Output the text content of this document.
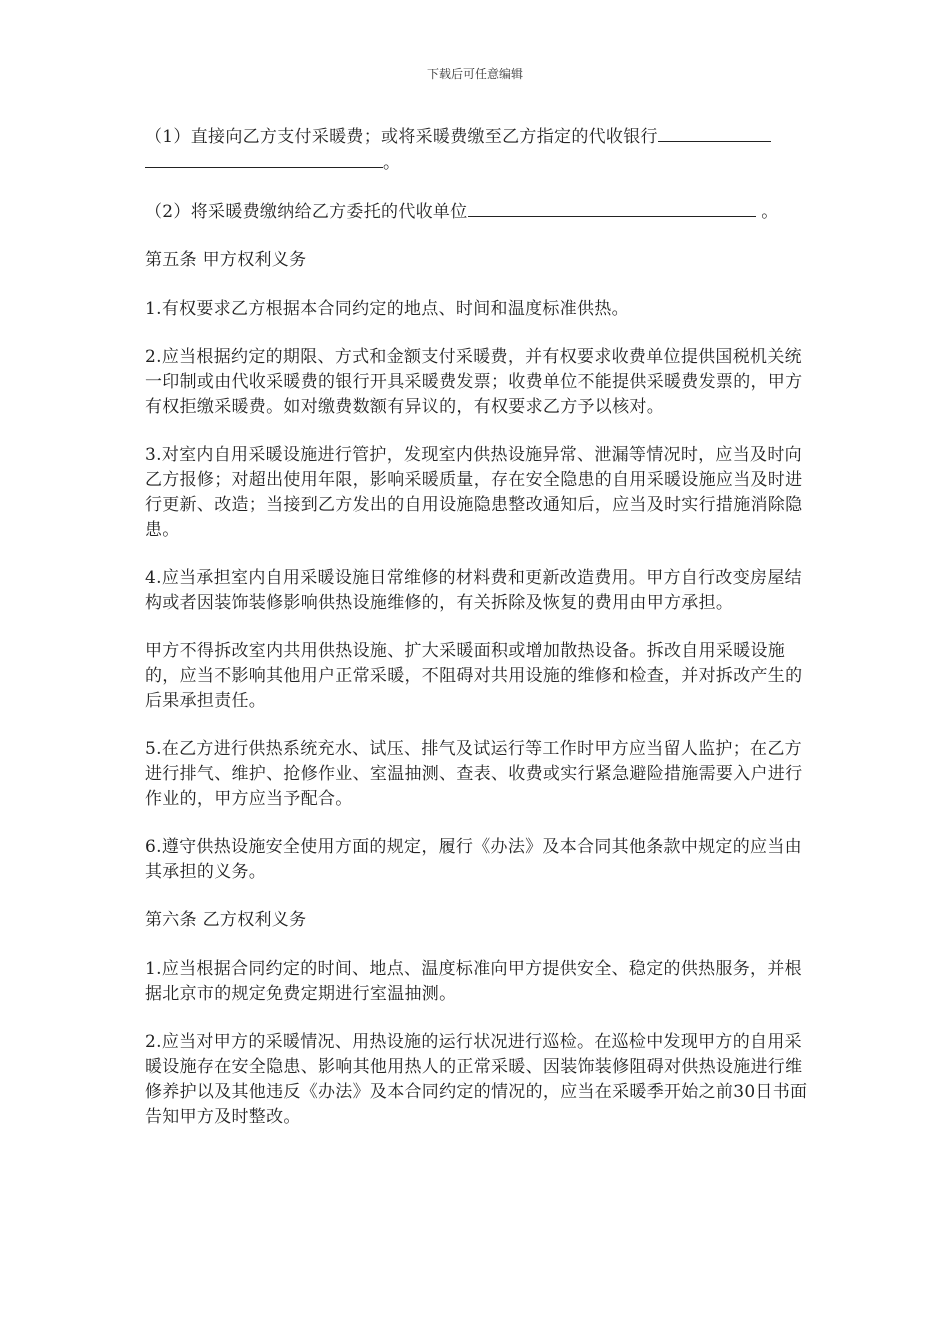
下载后可任意编辑

（1）直接向乙方支付采暖费；或将采暖费缴至乙方指定的代收银行
。

（2）将采暖费缴纳给乙方委托的代收单位	。

第五条 甲方权利义务

1.有权要求乙方根据本合同约定的地点、时间和温度标准供热。

2.应当根据约定的期限、方式和金额支付采暖费，并有权要求收费单位提供国税机关统一印制或由代收采暖费的银行开具采暖费发票；收费单位不能提供采暖费发票的，甲方有权拒缴采暖费。如对缴费数额有异议的，有权要求乙方予以核对。

3.对室内自用采暖设施进行管护，发现室内供热设施异常、泄漏等情况时，应当及时向乙方报修；对超出使用年限，影响采暖质量，存在安全隐患的自用采暖设施应当及时进行更新、改造；当接到乙方发出的自用设施隐患整改通知后，应当及时实行措施消除隐患。

4.应当承担室内自用采暖设施日常维修的材料费和更新改造费用。甲方自行改变房屋结构或者因装饰装修影响供热设施维修的，有关拆除及恢复的费用由甲方承担。

甲方不得拆改室内共用供热设施、扩大采暖面积或增加散热设备。拆改自用采暖设施的，应当不影响其他用户正常采暖，不阻碍对共用设施的维修和检查，并对拆改产生的后果承担责任。

5.在乙方进行供热系统充水、试压、排气及试运行等工作时甲方应当留人监护；在乙方进行排气、维护、抢修作业、室温抽测、查表、收费或实行紧急避险措施需要入户进行作业的，甲方应当予配合。

6.遵守供热设施安全使用方面的规定，履行《办法》及本合同其他条款中规定的应当由其承担的义务。

第六条 乙方权利义务

1.应当根据合同约定的时间、地点、温度标准向甲方提供安全、稳定的供热服务，并根据北京市的规定免费定期进行室温抽测。

2.应当对甲方的采暖情况、用热设施的运行状况进行巡检。在巡检中发现甲方的自用采暖设施存在安全隐患、影响其他用热人的正常采暖、因装饰装修阻碍对供热设施进行维修养护以及其他违反《办法》及本合同约定的情况的，应当在采暖季开始之前30日书面告知甲方及时整改。
